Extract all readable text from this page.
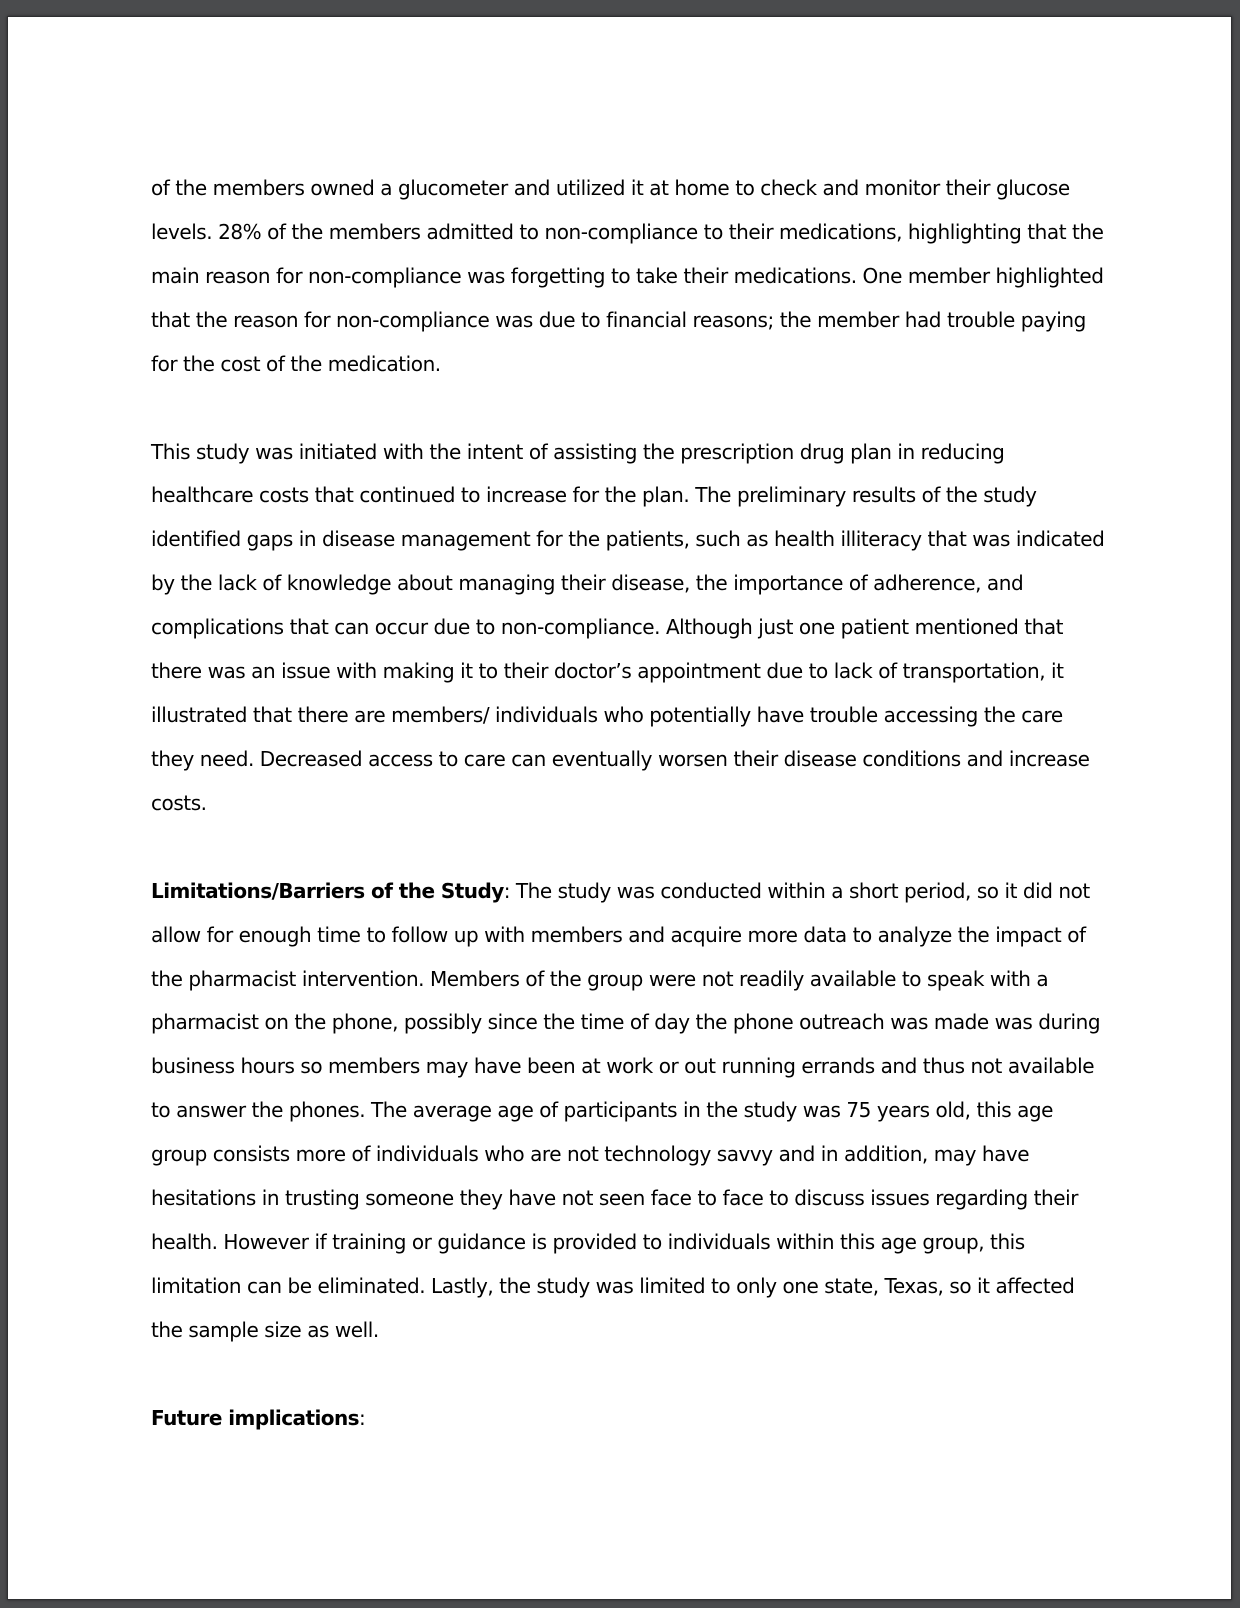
of the members owned a glucometer and utilized it at home to check and monitor their glucose levels. 28% of the members admitted to non-compliance to their medications, highlighting that the main reason for non-compliance was forgetting to take their medications. One member highlighted that the reason for non-compliance was due to financial reasons; the member had trouble paying for the cost of the medication.

This study was initiated with the intent of assisting the prescription drug plan in reducing healthcare costs that continued to increase for the plan. The preliminary results of the study identified gaps in disease management for the patients, such as health illiteracy that was indicated by the lack of knowledge about managing their disease, the importance of adherence, and complications that can occur due to non-compliance. Although just one patient mentioned that there was an issue with making it to their doctor’s appointment due to lack of transportation, it illustrated that there are members/ individuals who potentially have trouble accessing the care they need. Decreased access to care can eventually worsen their disease conditions and increase costs.

Limitations/Barriers of the Study: The study was conducted within a short period, so it did not allow for enough time to follow up with members and acquire more data to analyze the impact of the pharmacist intervention. Members of the group were not readily available to speak with a pharmacist on the phone, possibly since the time of day the phone outreach was made was during business hours so members may have been at work or out running errands and thus not available to answer the phones. The average age of participants in the study was 75 years old, this age group consists more of individuals who are not technology savvy and in addition, may have hesitations in trusting someone they have not seen face to face to discuss issues regarding their health. However if training or guidance is provided to individuals within this age group, this limitation can be eliminated. Lastly, the study was limited to only one state, Texas, so it affected the sample size as well.

Future implications:
